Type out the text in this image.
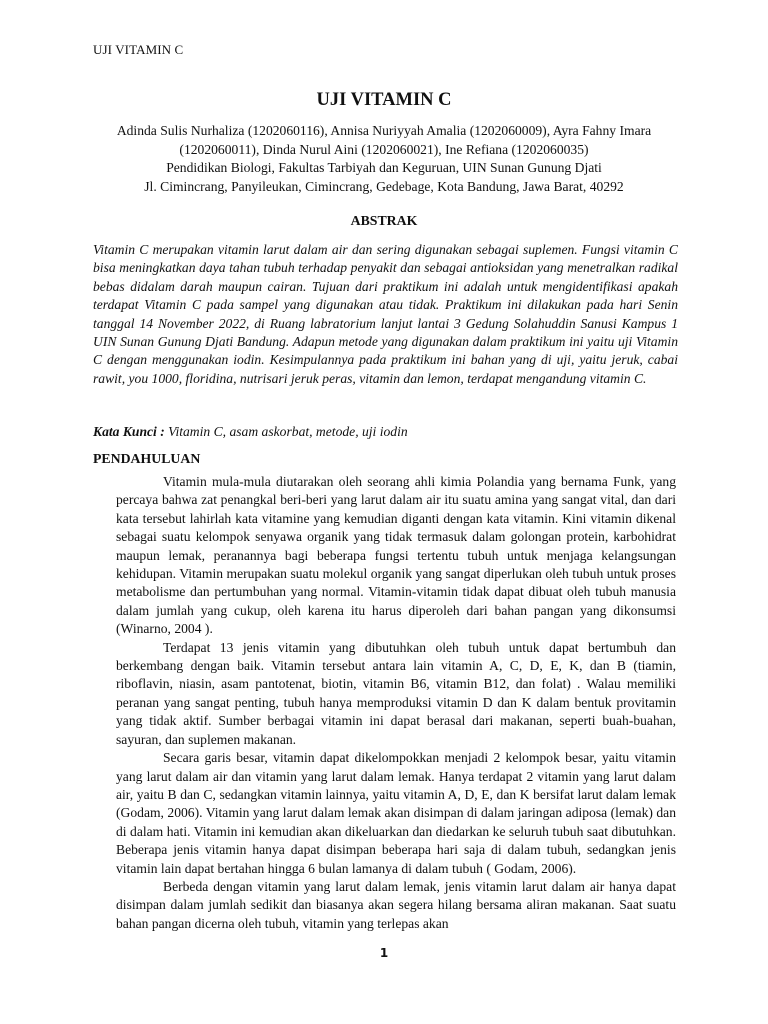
UJI VITAMIN C
UJI VITAMIN C
Adinda Sulis Nurhaliza (1202060116), Annisa Nuriyyah Amalia (1202060009), Ayra Fahny Imara (1202060011), Dinda Nurul Aini (1202060021), Ine Refiana (1202060035)
Pendidikan Biologi, Fakultas Tarbiyah dan Keguruan, UIN Sunan Gunung Djati
Jl. Cimincrang, Panyileukan, Cimincrang, Gedebage, Kota Bandung, Jawa Barat, 40292
ABSTRAK

Vitamin C merupakan vitamin larut dalam air dan sering digunakan sebagai suplemen. Fungsi vitamin C bisa meningkatkan daya tahan tubuh terhadap penyakit dan sebagai antioksidan yang menetralkan radikal bebas didalam darah maupun cairan. Tujuan dari praktikum ini adalah untuk mengidentifikasi apakah terdapat Vitamin C pada sampel yang digunakan atau tidak. Praktikum ini dilakukan pada hari Senin tanggal 14 November 2022, di Ruang labratorium lanjut lantai 3 Gedung Solahuddin Sanusi Kampus 1 UIN Sunan Gunung Djati Bandung. Adapun metode yang digunakan dalam praktikum ini yaitu uji Vitamin C dengan menggunakan iodin. Kesimpulannya pada praktikum ini bahan yang di uji, yaitu jeruk, cabai rawit, you 1000, floridina, nutrisari jeruk peras, vitamin dan lemon, terdapat mengandung vitamin C.

Kata Kunci : Vitamin C, asam askorbat, metode, uji iodin
PENDAHULUAN

Vitamin mula-mula diutarakan oleh seorang ahli kimia Polandia yang bernama Funk, yang percaya bahwa zat penangkal beri-beri yang larut dalam air itu suatu amina yang sangat vital, dan dari kata tersebut lahirlah kata vitamine yang kemudian diganti dengan kata vitamin. Kini vitamin dikenal sebagai suatu kelompok senyawa organik yang tidak termasuk dalam golongan protein, karbohidrat maupun lemak, peranannya bagi beberapa fungsi tertentu tubuh untuk menjaga kelangsungan kehidupan. Vitamin merupakan suatu molekul organik yang sangat diperlukan oleh tubuh untuk proses metabolisme dan pertumbuhan yang normal. Vitamin-vitamin tidak dapat dibuat oleh tubuh manusia dalam jumlah yang cukup, oleh karena itu harus diperoleh dari bahan pangan yang dikonsumsi (Winarno, 2004 ).

Terdapat 13 jenis vitamin yang dibutuhkan oleh tubuh untuk dapat bertumbuh dan berkembang dengan baik. Vitamin tersebut antara lain vitamin A, C, D, E, K, dan B (tiamin, riboflavin, niasin, asam pantotenat, biotin, vitamin B6, vitamin B12, dan folat) . Walau memiliki peranan yang sangat penting, tubuh hanya memproduksi vitamin D dan K dalam bentuk provitamin yang tidak aktif. Sumber berbagai vitamin ini dapat berasal dari makanan, seperti buah-buahan, sayuran, dan suplemen makanan.

Secara garis besar, vitamin dapat dikelompokkan menjadi 2 kelompok besar, yaitu vitamin yang larut dalam air dan vitamin yang larut dalam lemak. Hanya terdapat 2 vitamin yang larut dalam air, yaitu B dan C, sedangkan vitamin lainnya, yaitu vitamin A, D, E, dan K bersifat larut dalam lemak (Godam, 2006). Vitamin yang larut dalam lemak akan disimpan di dalam jaringan adiposa (lemak) dan di dalam hati. Vitamin ini kemudian akan dikeluarkan dan diedarkan ke seluruh tubuh saat dibutuhkan. Beberapa jenis vitamin hanya dapat disimpan beberapa hari saja di dalam tubuh, sedangkan jenis vitamin lain dapat bertahan hingga 6 bulan lamanya di dalam tubuh ( Godam, 2006).

Berbeda dengan vitamin yang larut dalam lemak, jenis vitamin larut dalam air hanya dapat disimpan dalam jumlah sedikit dan biasanya akan segera hilang bersama aliran makanan. Saat suatu bahan pangan dicerna oleh tubuh, vitamin yang terlepas akan

1
